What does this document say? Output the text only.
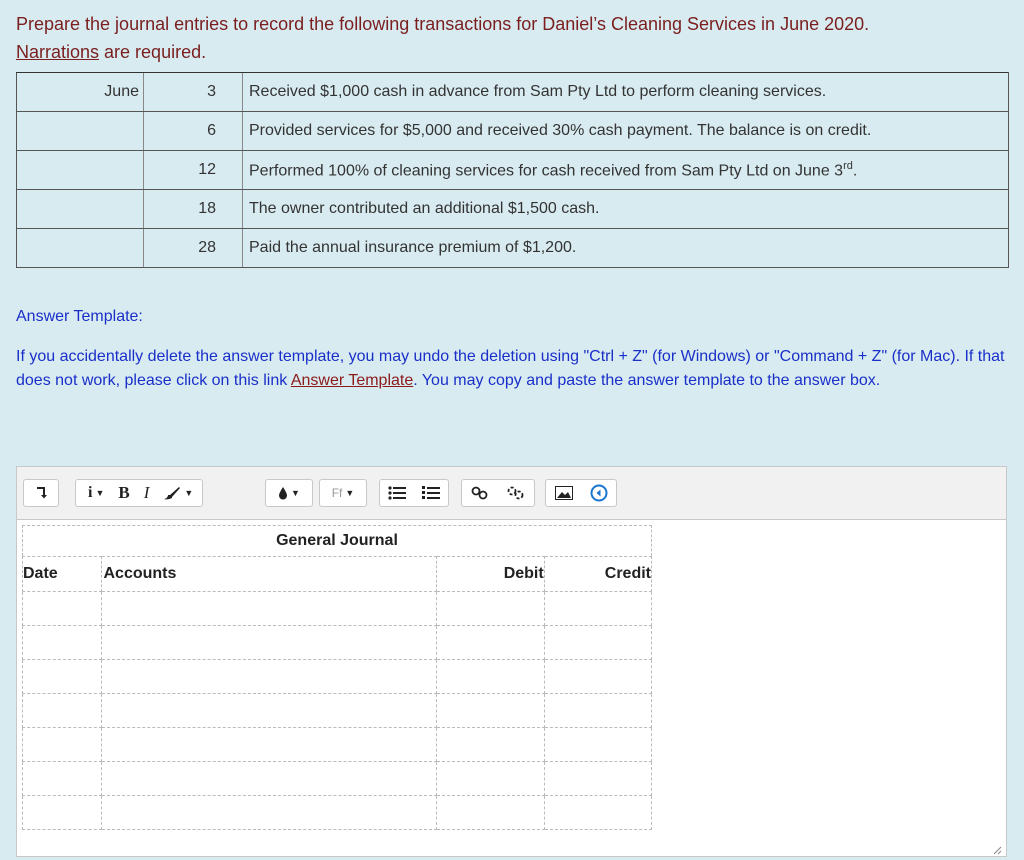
Prepare the journal entries to record the following transactions for Daniel’s Cleaning Services in June 2020.
Narrations are required.
June	3	Received $1,000 cash in advance from Sam Pty Ltd to perform cleaning services.
	6	Provided services for $5,000 and received 30% cash payment. The balance is on credit.
	12	Performed 100% of cleaning services for cash received from Sam Pty Ltd on June 3rd.
	18	The owner contributed an additional $1,500 cash.
	28	Paid the annual insurance premium of $1,200.
Answer Template:
If you accidentally delete the answer template, you may undo the deletion using "Ctrl + Z" (for Windows) or "Command + Z" (for Mac). If that does not work, please click on this link Answer Template. You may copy and paste the answer template to the answer box.
i ▼ B I	▼	▼	Ff ▼
General Journal
Date	Accounts	Debit	Credit
